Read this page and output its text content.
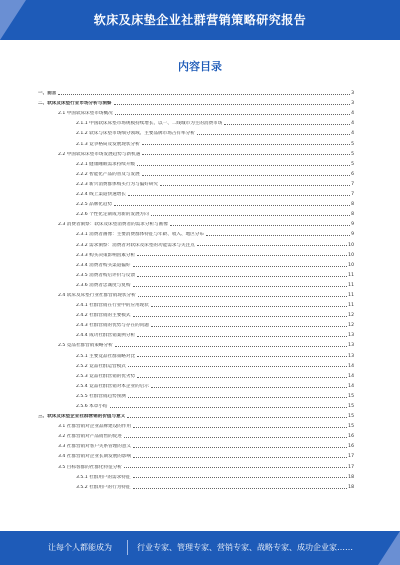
软床及床垫企业社群营销策略研究报告
内容目录
一、前言	3
二、软床及床垫行业市场分析与洞察	3
2.1 中国软床床垫市场概况	4
2.1.1 中国软床床垫市场规模持续增长、以一、二线城市为主的消费市场	4
2.1.2 软床与床垫市场细分领域、主要品牌市场占有率分析	4
2.1.3 竞争格局及发展现状分析	5
2.2 中国软床床垫市场发展趋势与新机遇	5
2.2.1 健康睡眠需求持续升级	5
2.2.2 智能化产品的普及与发展	6
2.2.3 新兴消费群体购买行为与偏好研究	7
2.2.4 线上渠道快速增长	7
2.2.5 品牌化趋势	8
2.2.6 个性化定制成为新的发展方向	8
2.3 消费者洞察：软床及床垫消费者的需求分析与画像	9
2.3.1 消费者画像：主要消费群体特征与年龄、收入、地区分布	9
2.3.2 需求洞察：消费者对软床及床垫的功能需求与关注点	10
2.3.3 购买决策影响因素分析	10
2.3.4 消费者购买渠道偏好	10
2.3.5 消费者购后评价与反馈	11
2.3.6 消费者忠诚度与复购	11
2.4 软床及床垫行业社群营销现状分析	11
2.4.1 社群营销在行业中的应用现状	11
2.4.2 社群营销的主要模式	12
2.4.3 社群营销的优势与存在的问题	12
2.4.4 成功社群营销案例分析	13
2.5 竞品社群营销策略分析	13
2.5.1 主要竞品社群策略对比	13
2.5.2 竞品社群运营模式	14
2.5.3 竞品社群营销的优劣势	14
2.5.4 竞品社群营销对本企业的启示	14
2.5.5 社群营销趋势预测	15
2.5.6 本章小结	15
三、软床及床垫企业社群营销的价值与意义	15
3.1 社群营销对企业品牌建设的作用	15
3.2 社群营销对产品销售的促进	16
3.3 社群营销对客户关系管理的意义	16
3.4 社群营销对企业长期发展的影响	17
3.5 目标客群的社群化特征分析	17
3.5.1 社群用户的需求特征	18
3.5.2 社群用户的行为特征	18
让每个人都能成为	行业专家、管理专家、营销专家、战略专家、成功企业家……
